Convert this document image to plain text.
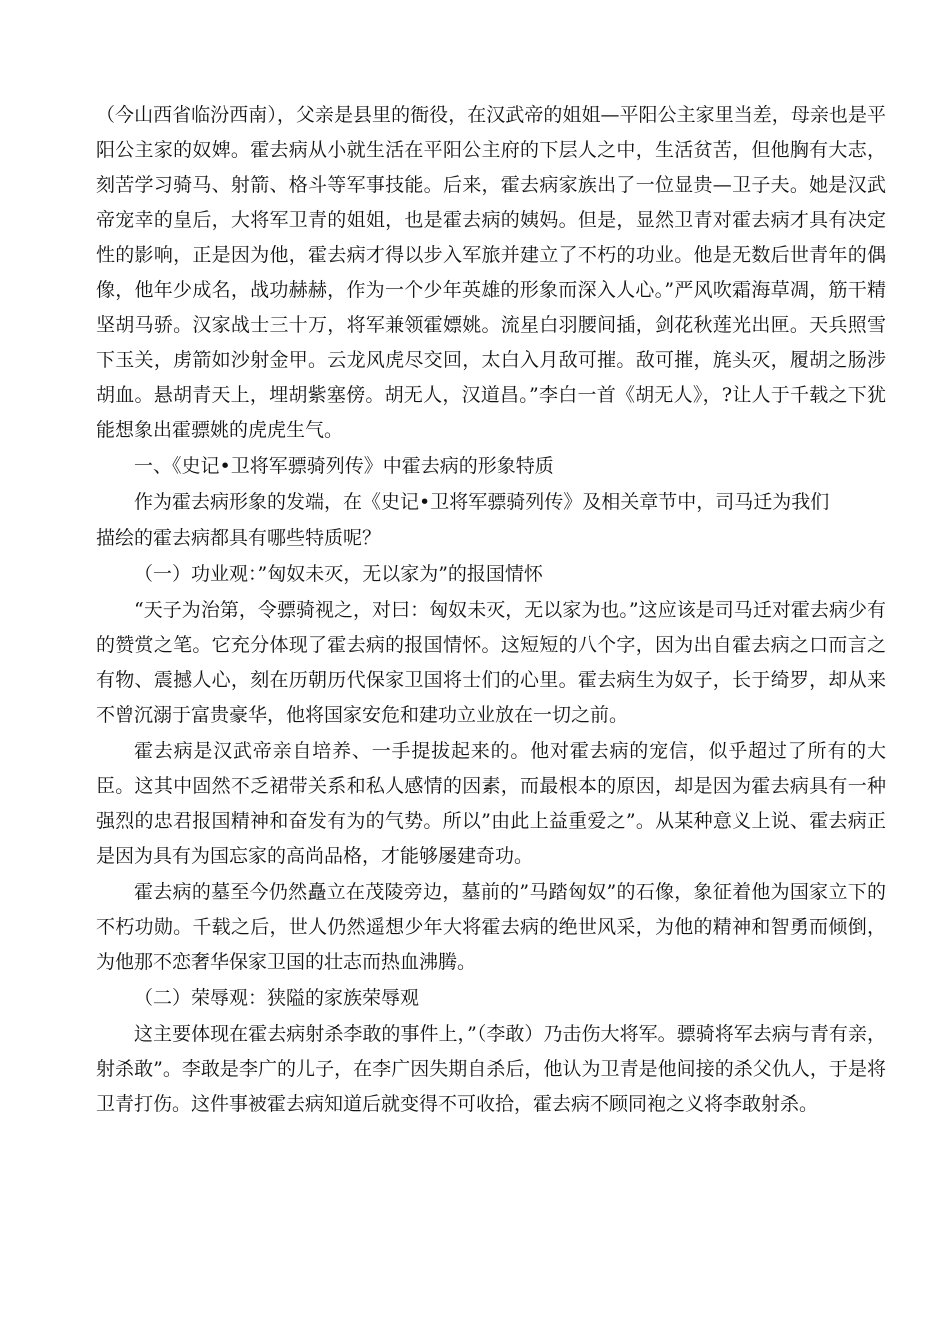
（今山西省临汾西南），父亲是县里的衙役，在汉武帝的姐姐—平阳公主家里当差，母亲也是平阳公主家的奴婢。霍去病从小就生活在平阳公主府的下层人之中，生活贫苦，但他胸有大志，刻苦学习骑马、射箭、格斗等军事技能。后来，霍去病家族出了一位显贵—卫子夫。她是汉武帝宠幸的皇后，大将军卫青的姐姐，也是霍去病的姨妈。但是，显然卫青对霍去病才具有决定性的影响，正是因为他，霍去病才得以步入军旅并建立了不朽的功业。他是无数后世青年的偶像，他年少成名，战功赫赫，作为一个少年英雄的形象而深入人心。”严风吹霜海草凋，筋干精坚胡马骄。汉家战士三十万，将军兼领霍嫖姚。流星白羽腰间插，剑花秋莲光出匣。天兵照雪下玉关，虏箭如沙射金甲。云龙风虎尽交回，太白入月敌可摧。敌可摧，旄头灭，履胡之肠涉胡血。悬胡青天上，埋胡紫塞傍。胡无人，汉道昌。”李白一首《胡无人》，?让人于千载之下犹能想象出霍骠姚的虎虎生气。

一、《史记•卫将军骠骑列传》中霍去病的形象特质

作为霍去病形象的发端，在《史记•卫将军骠骑列传》及相关章节中，司马迁为我们

描绘的霍去病都具有哪些特质呢？

（一）功业观：”匈奴未灭，无以家为”的报国情怀

“天子为治第，令骠骑视之，对曰：匈奴未灭，无以家为也。”这应该是司马迁对霍去病少有的赞赏之笔。它充分体现了霍去病的报国情怀。这短短的八个字，因为出自霍去病之口而言之有物、震撼人心，刻在历朝历代保家卫国将士们的心里。霍去病生为奴子，长于绮罗，却从来不曾沉溺于富贵豪华，他将国家安危和建功立业放在一切之前。

霍去病是汉武帝亲自培养、一手提拔起来的。他对霍去病的宠信，似乎超过了所有的大臣。这其中固然不乏裙带关系和私人感情的因素，而最根本的原因，却是因为霍去病具有一种强烈的忠君报国精神和奋发有为的气势。所以”由此上益重爱之”。从某种意义上说、霍去病正是因为具有为国忘家的高尚品格，才能够屡建奇功。

霍去病的墓至今仍然矗立在茂陵旁边，墓前的”马踏匈奴”的石像，象征着他为国家立下的不朽功勋。千载之后，世人仍然遥想少年大将霍去病的绝世风采，为他的精神和智勇而倾倒，为他那不恋奢华保家卫国的壮志而热血沸腾。

（二）荣辱观：狭隘的家族荣辱观

这主要体现在霍去病射杀李敢的事件上，”（李敢）乃击伤大将军。骠骑将军去病与青有亲，射杀敢”。李敢是李广的儿子，在李广因失期自杀后，他认为卫青是他间接的杀父仇人，于是将卫青打伤。这件事被霍去病知道后就变得不可收拾，霍去病不顾同袍之义将李敢射杀。
